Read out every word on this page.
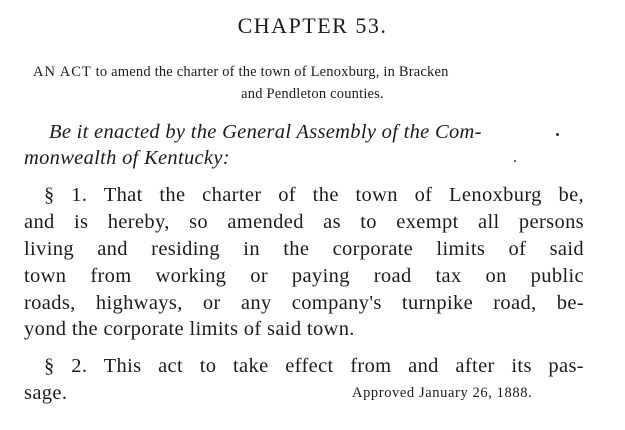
CHAPTER 53.
AN ACT to amend the charter of the town of Lenoxburg, in Bracken
and Pendleton counties.
Be it enacted by the General Assembly of the Com-
monwealth of Kentucky:
§ 1. That the charter of the town of Lenoxburg be,
and is hereby, so amended as to exempt all persons
living and residing in the corporate limits of said
town from working or paying road tax on public
roads, highways, or any company's turnpike road, be-
yond the corporate limits of said town.
§ 2. This act to take effect from and after its pas-
sage.	Approved January 26, 1888.
